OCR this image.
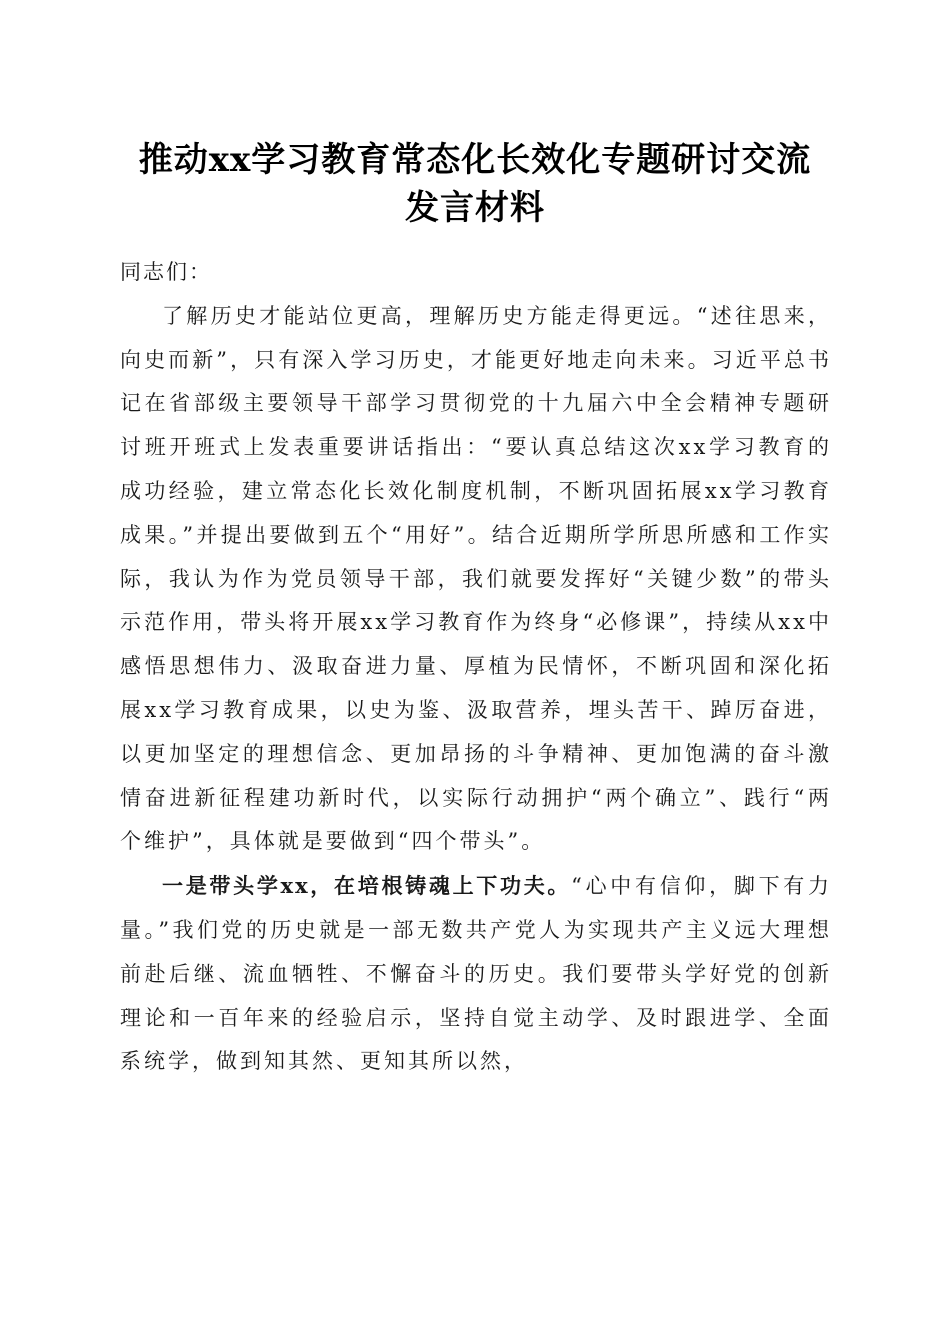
推动xx学习教育常态化长效化专题研讨交流
发言材料

同志们：

了解历史才能站位更高，理解历史方能走得更远。“述往思来，向史而新”，只有深入学习历史，才能更好地走向未来。习近平总书记在省部级主要领导干部学习贯彻党的十九届六中全会精神专题研讨班开班式上发表重要讲话指出：“要认真总结这次xx学习教育的成功经验，建立常态化长效化制度机制，不断巩固拓展xx学习教育成果。”并提出要做到五个“用好”。结合近期所学所思所感和工作实际，我认为作为党员领导干部，我们就要发挥好“关键少数”的带头示范作用，带头将开展xx学习教育作为终身“必修课”，持续从xx中感悟思想伟力、汲取奋进力量、厚植为民情怀，不断巩固和深化拓展xx学习教育成果，以史为鉴、汲取营养，埋头苦干、踔厉奋进，以更加坚定的理想信念、更加昂扬的斗争精神、更加饱满的奋斗激情奋进新征程建功新时代，以实际行动拥护“两个确立”、践行“两个维护”，具体就是要做到“四个带头”。

一是带头学xx，在培根铸魂上下功夫。“心中有信仰，脚下有力量。”我们党的历史就是一部无数共产党人为实现共产主义远大理想前赴后继、流血牺牲、不懈奋斗的历史。我们要带头学好党的创新理论和一百年来的经验启示，坚持自觉主动学、及时跟进学、全面系统学，做到知其然、更知其所以然，
